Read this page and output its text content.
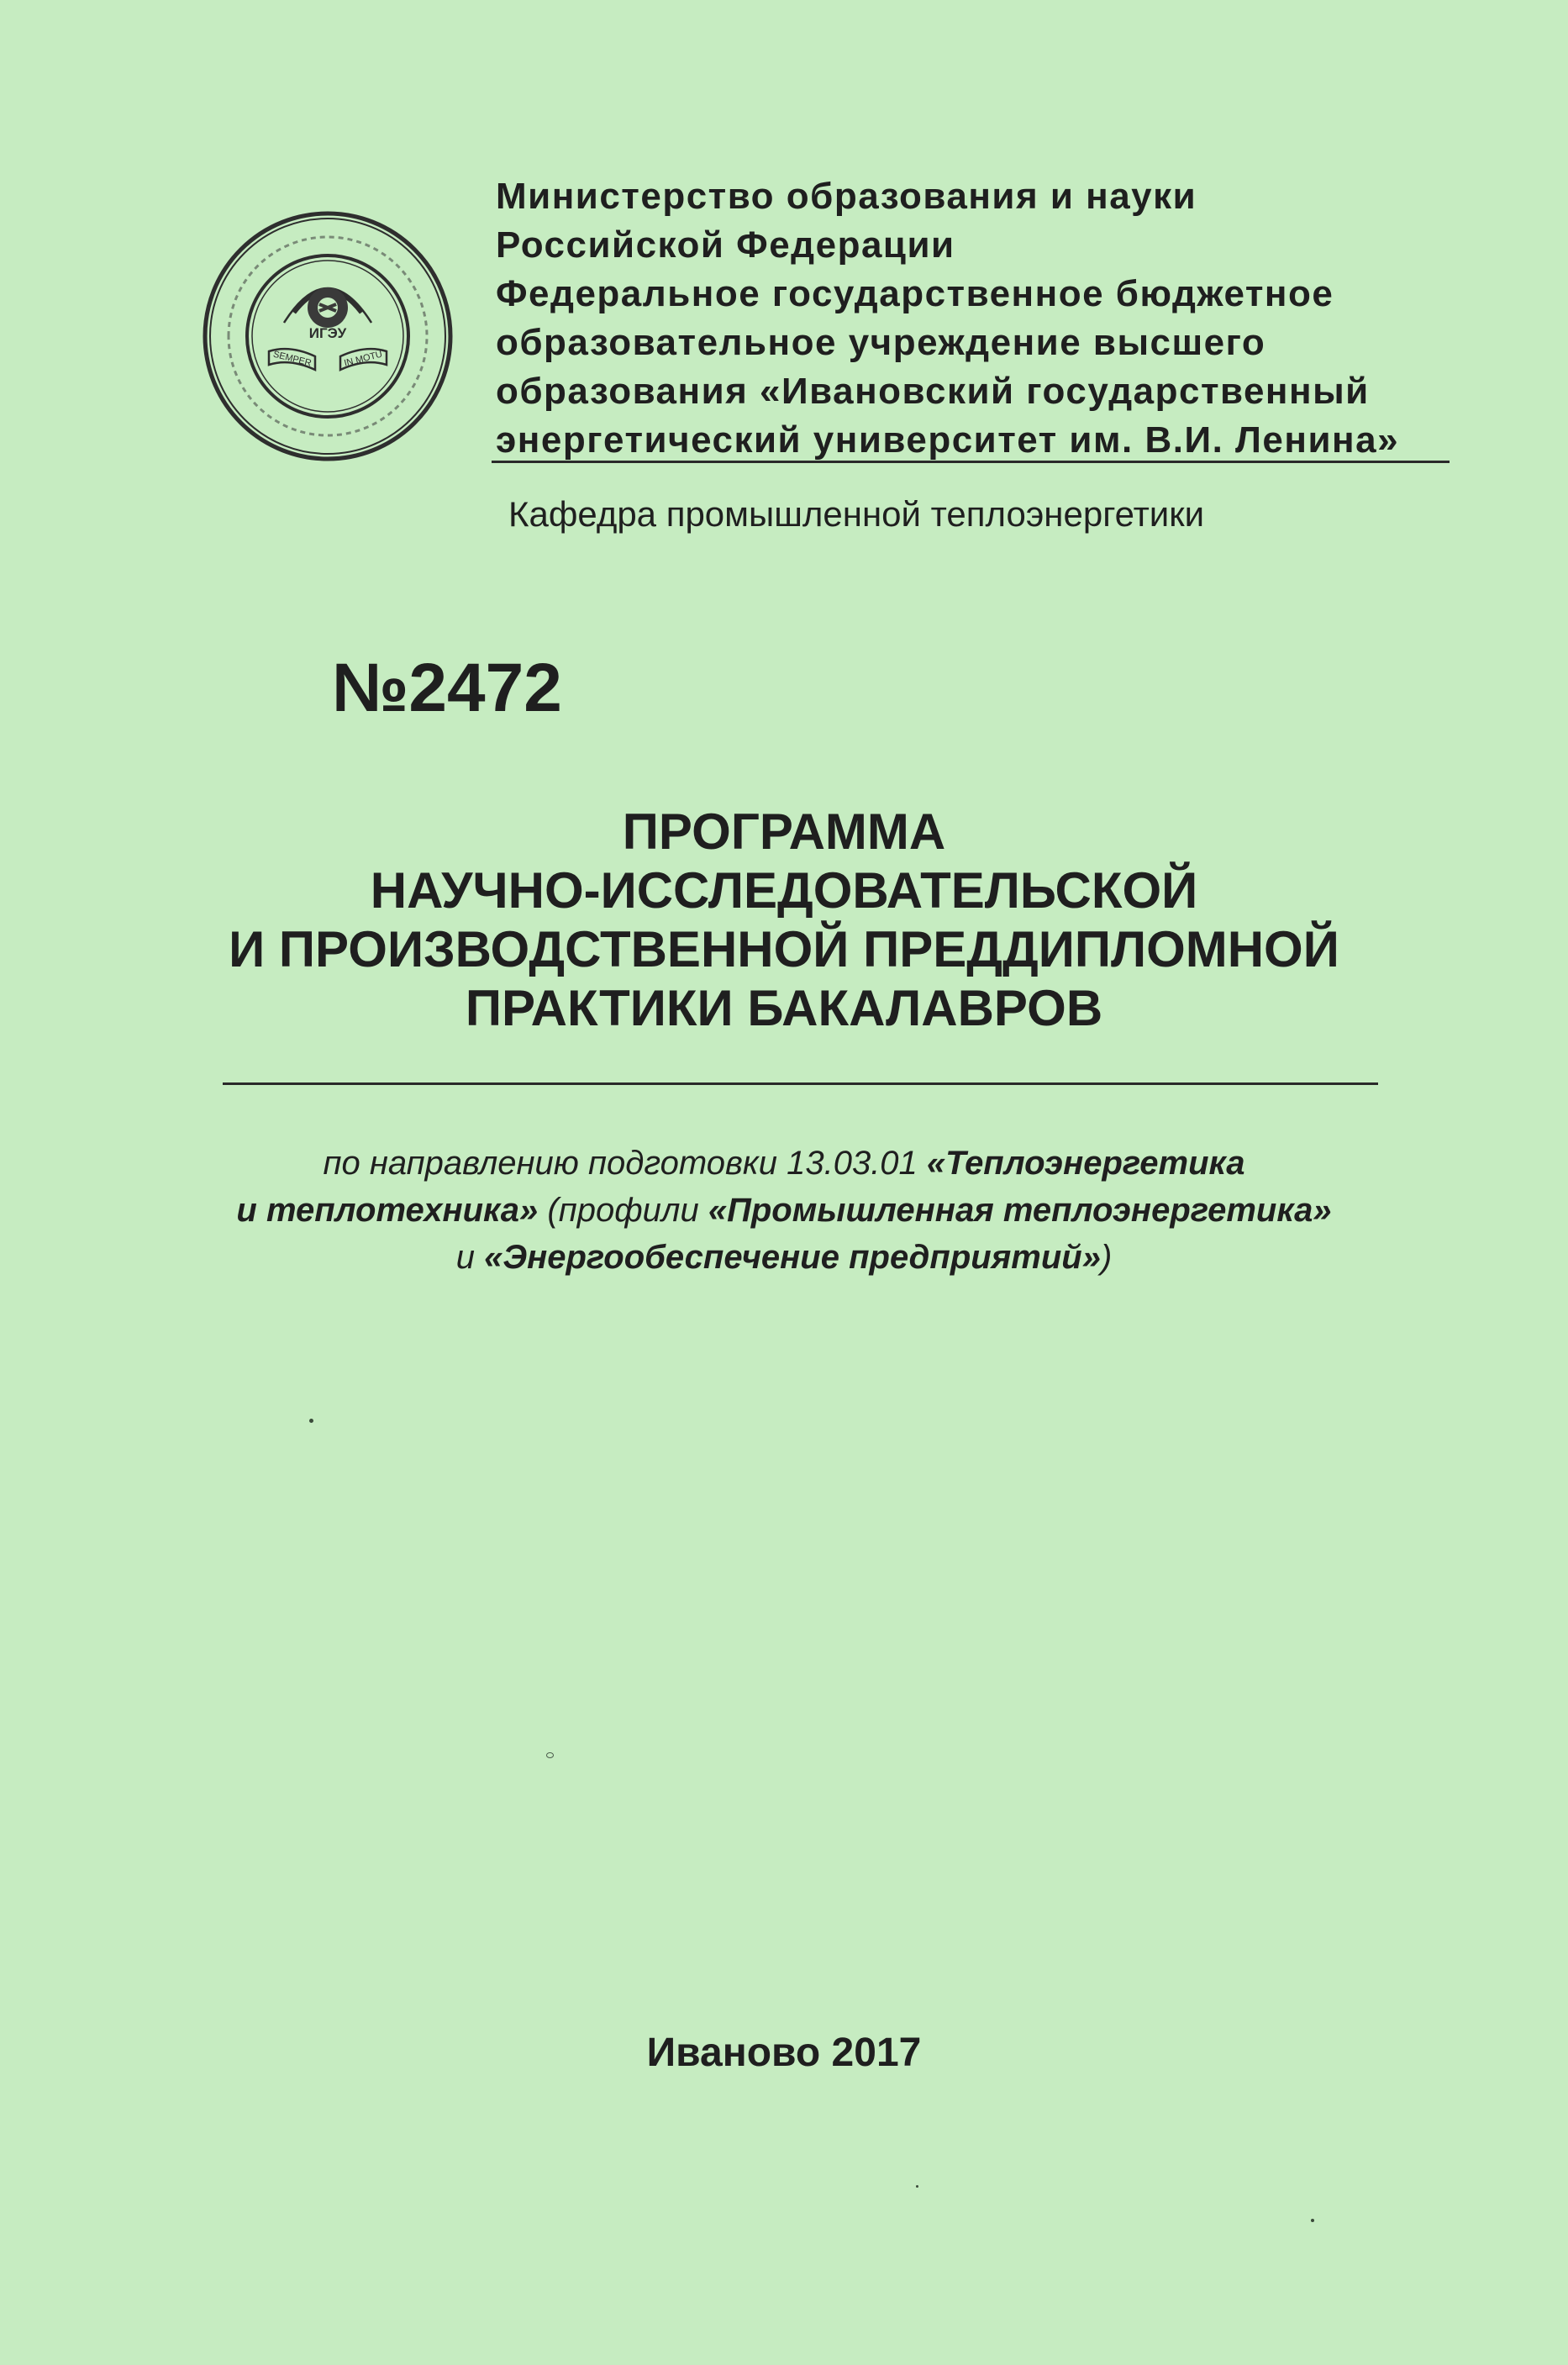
ИГЭУ
SEMPER	IN MOTU
Министерство образования и науки
Российской Федерации
Федеральное государственное бюджетное
образовательное учреждение высшего
образования «Ивановский государственный
энергетический университет им. В.И. Ленина»
Кафедра промышленной теплоэнергетики
№2472
ПРОГРАММА
НАУЧНО-ИССЛЕДОВАТЕЛЬСКОЙ
И ПРОИЗВОДСТВЕННОЙ ПРЕДДИПЛОМНОЙ
ПРАКТИКИ БАКАЛАВРОВ
по направлению подготовки 13.03.01 «Теплоэнергетика
и теплотехника» (профили «Промышленная теплоэнергетика»
и «Энергообеспечение предприятий»)
Иваново 2017
